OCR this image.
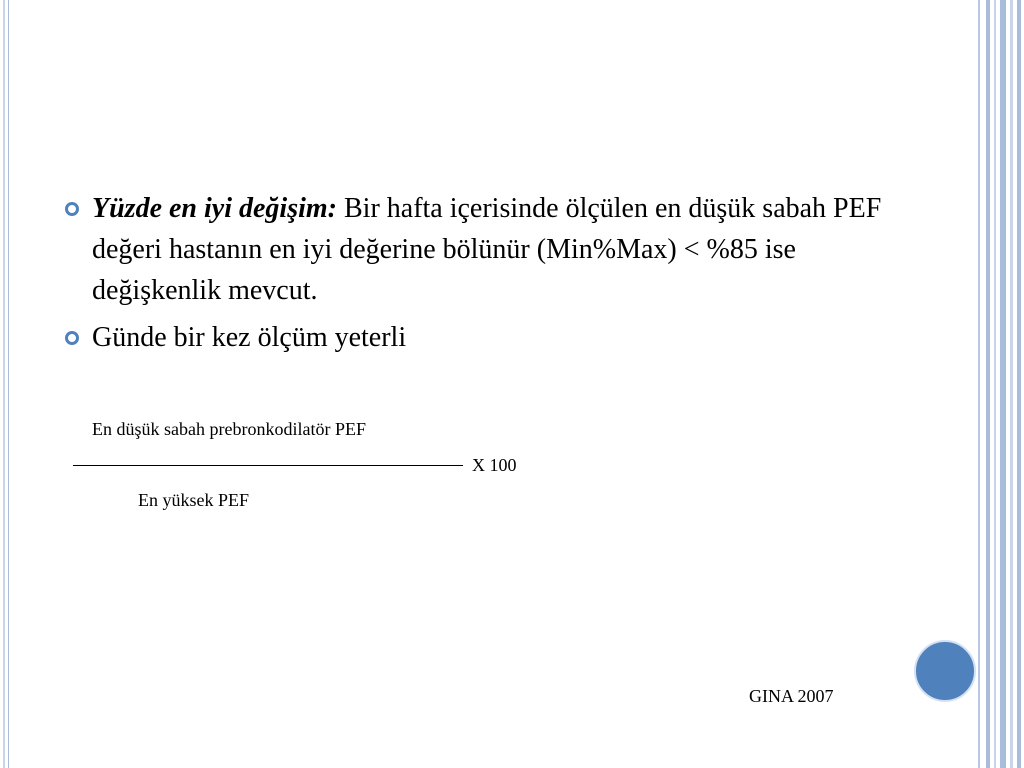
Yüzde en iyi değişim: Bir hafta içerisinde ölçülen en düşük sabah PEF değeri hastanın en iyi değerine bölünür (Min%Max) < %85 ise değişkenlik mevcut.
Günde bir kez ölçüm yeterli
En düşük sabah prebronkodilatör PEF
X 100
En yüksek PEF
GINA 2007
